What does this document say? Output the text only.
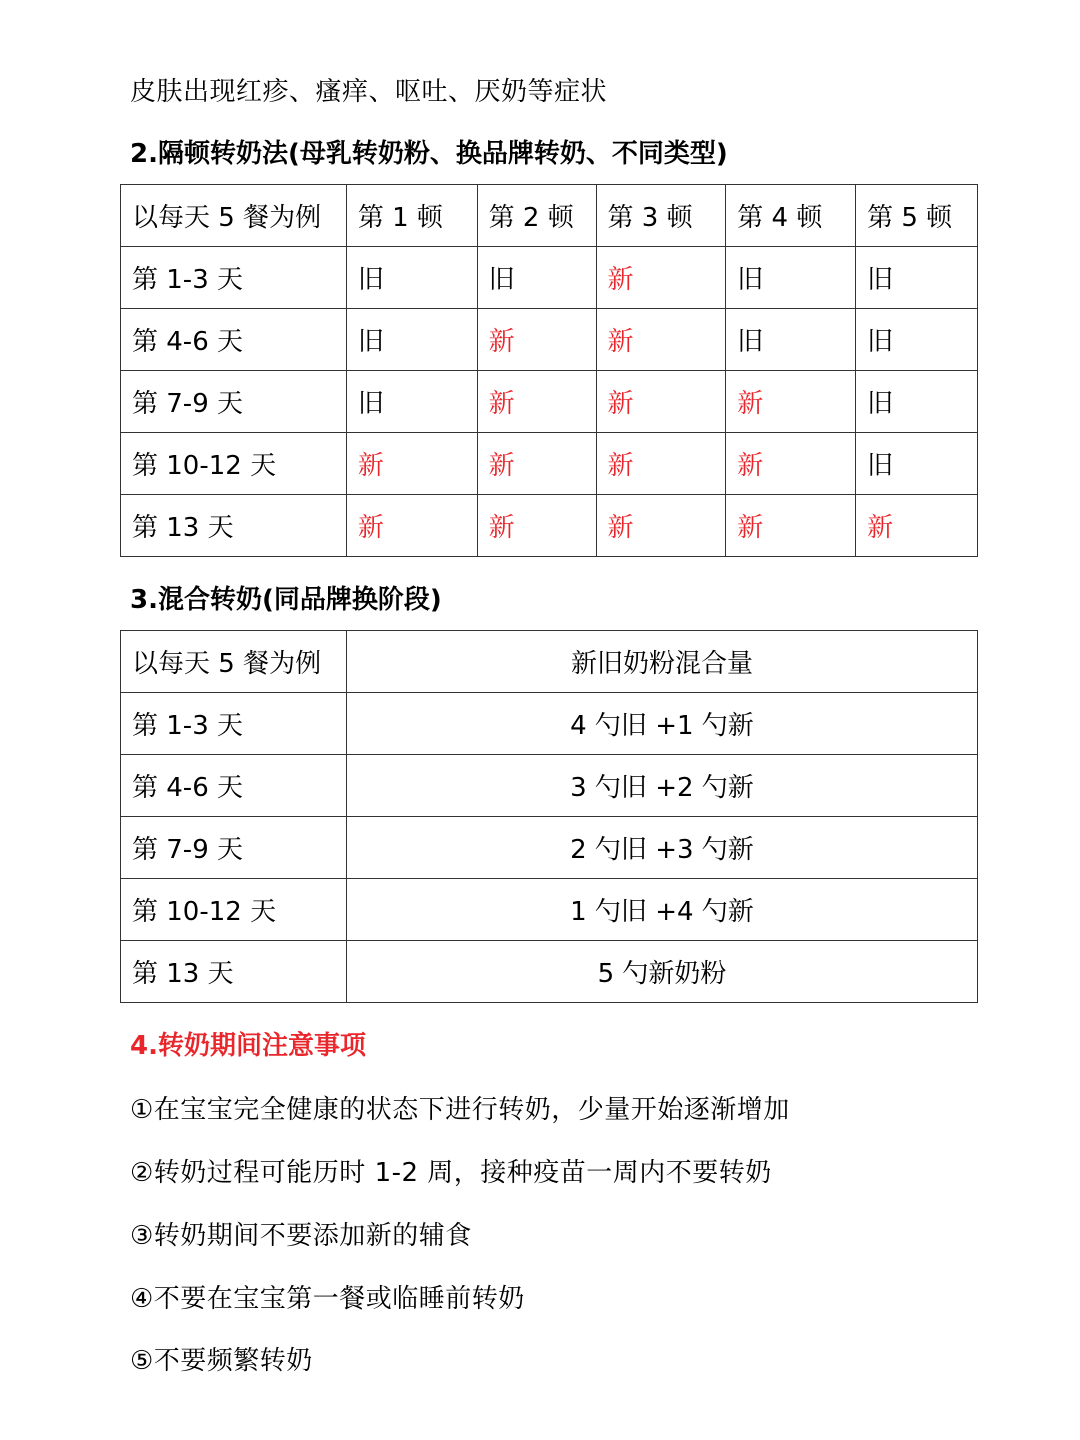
皮肤出现红疹、瘙痒、呕吐、厌奶等症状
2.隔顿转奶法(母乳转奶粉、换品牌转奶、不同类型)
以每天 5 餐为例	第 1 顿	第 2 顿	第 3 顿	第 4 顿	第 5 顿
第 1-3 天	旧	旧	新	旧	旧
第 4-6 天	旧	新	新	旧	旧
第 7-9 天	旧	新	新	新	旧
第 10-12 天	新	新	新	新	旧
第 13 天	新	新	新	新	新
3.混合转奶(同品牌换阶段)
以每天 5 餐为例	新旧奶粉混合量
第 1-3 天	4 勺旧 +1 勺新
第 4-6 天	3 勺旧 +2 勺新
第 7-9 天	2 勺旧 +3 勺新
第 10-12 天	1 勺旧 +4 勺新
第 13 天	5 勺新奶粉
4.转奶期间注意事项
①在宝宝完全健康的状态下进行转奶，少量开始逐渐增加
②转奶过程可能历时 1-2 周，接种疫苗一周内不要转奶
③转奶期间不要添加新的辅食
④不要在宝宝第一餐或临睡前转奶
⑤不要频繁转奶
